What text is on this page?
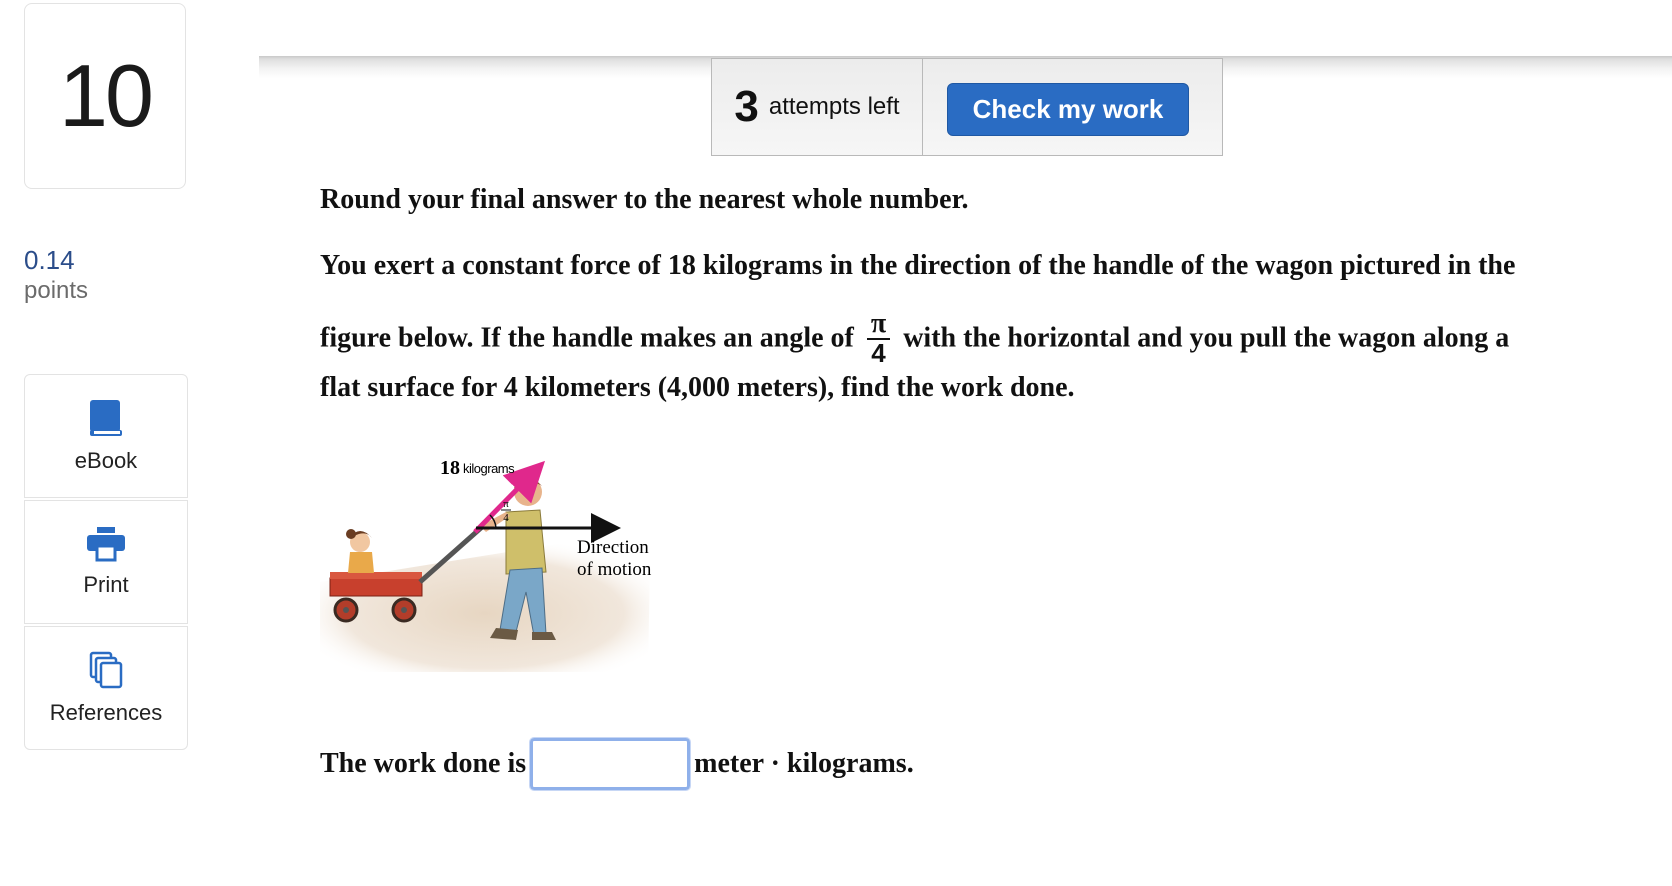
10
0.14
points
eBook
Print
References
3 attempts left	Check my work
Round your final answer to the nearest whole number.
You exert a constant force of 18 kilograms in the direction of the handle of the wagon pictured in the
figure below. If the handle makes an angle of $\frac{\pi}{4}$ with the horizontal and you pull the wagon along a
flat surface for 4 kilometers (4,000 meters), find the work done.
π
4
18 kilograms
Direction
of motion
The work done is	meter · kilograms.
